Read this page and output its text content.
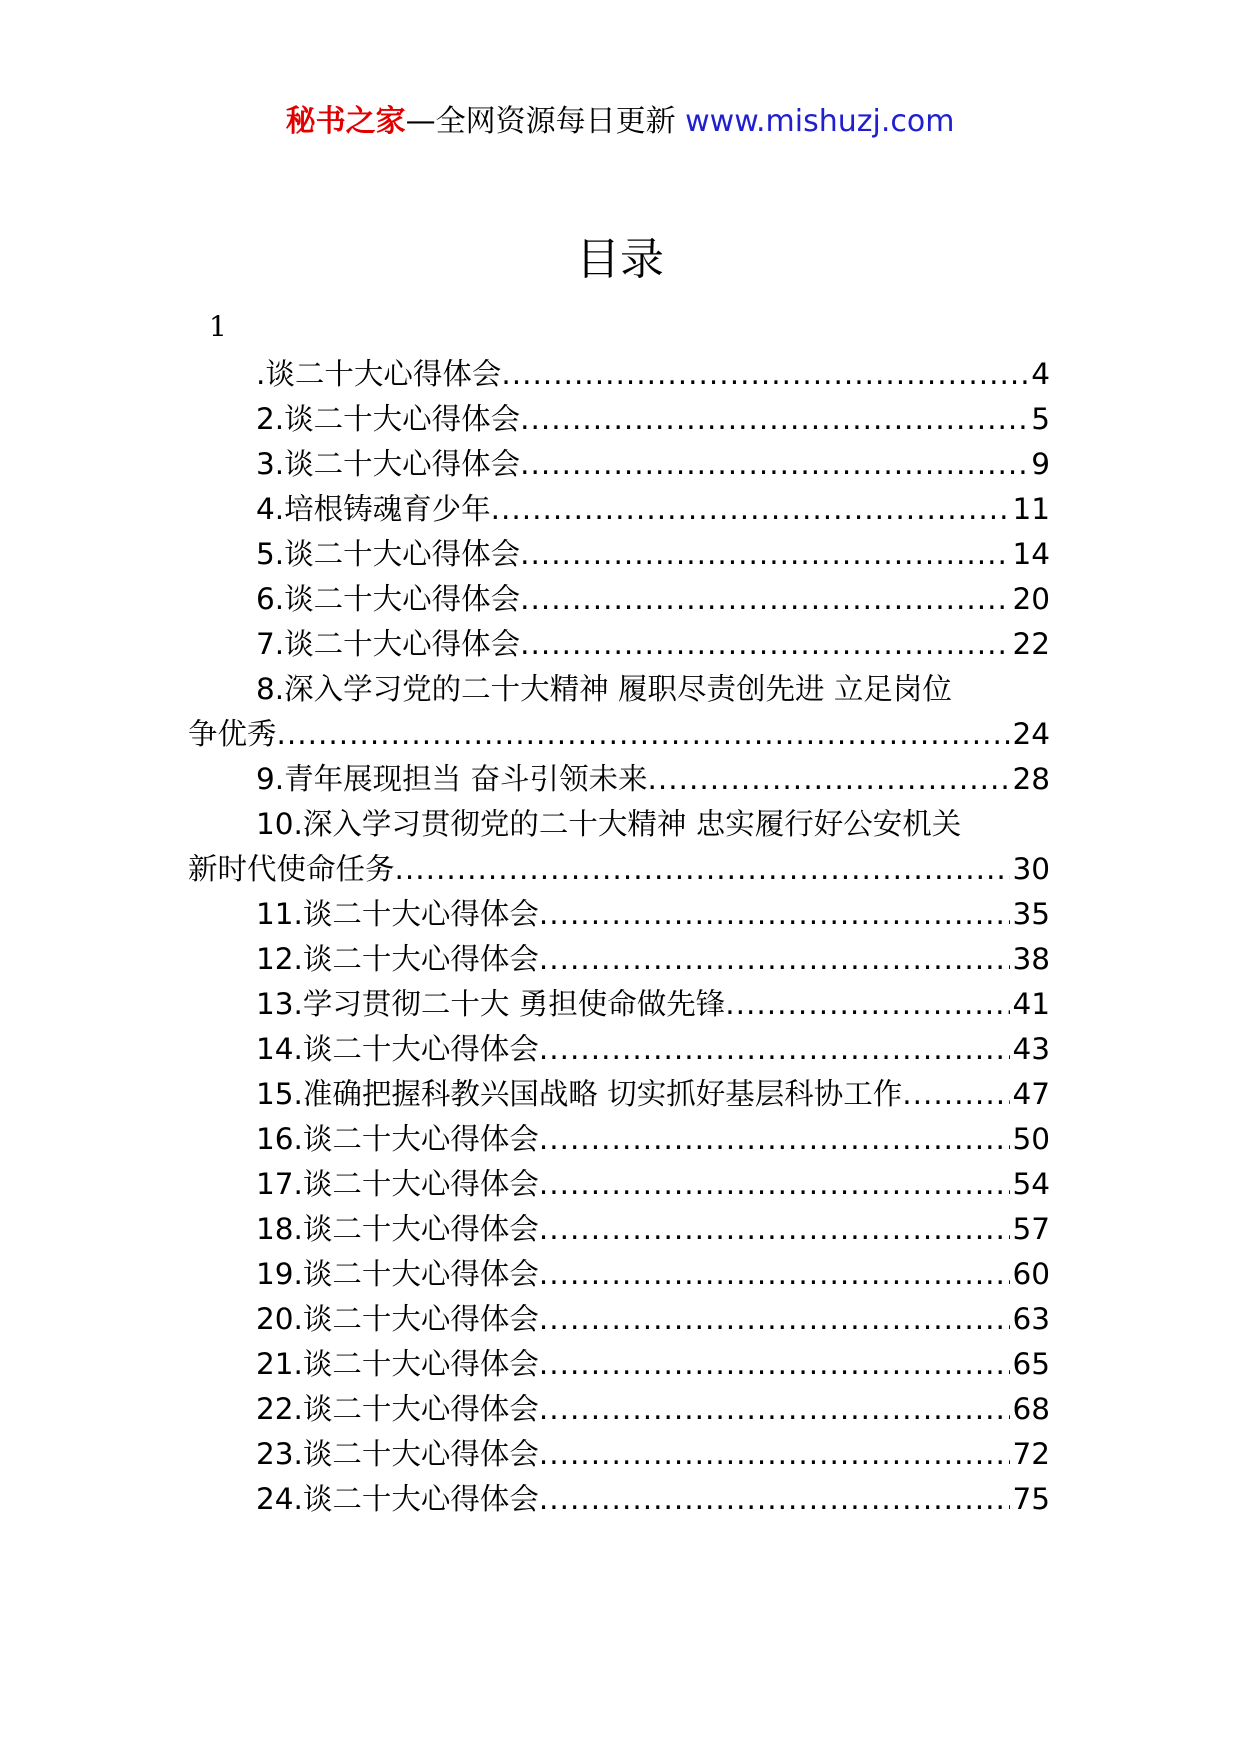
秘书之家—全网资源每日更新 www.mishuzj.com
目录
1
.谈二十大心得体会 .....	4
2.谈二十大心得体会 .....	5
3.谈二十大心得体会 .....	9
4.培根铸魂育少年 .....	11
5.谈二十大心得体会 .....	14
6.谈二十大心得体会 .....	20
7.谈二十大心得体会 .....	22
8.深入学习党的二十大精神 履职尽责创先进 立足岗位
争优秀 .....	24
9.青年展现担当 奋斗引领未来 .....	28
10.深入学习贯彻党的二十大精神 忠实履行好公安机关
新时代使命任务 .....	30
11.谈二十大心得体会 .....	35
12.谈二十大心得体会 .....	38
13.学习贯彻二十大 勇担使命做先锋 .....	41
14.谈二十大心得体会 .....	43
15.准确把握科教兴国战略 切实抓好基层科协工作 .....	47
16.谈二十大心得体会 .....	50
17.谈二十大心得体会 .....	54
18.谈二十大心得体会 .....	57
19.谈二十大心得体会 .....	60
20.谈二十大心得体会 .....	63
21.谈二十大心得体会 .....	65
22.谈二十大心得体会 .....	68
23.谈二十大心得体会 .....	72
24.谈二十大心得体会 .....	75
